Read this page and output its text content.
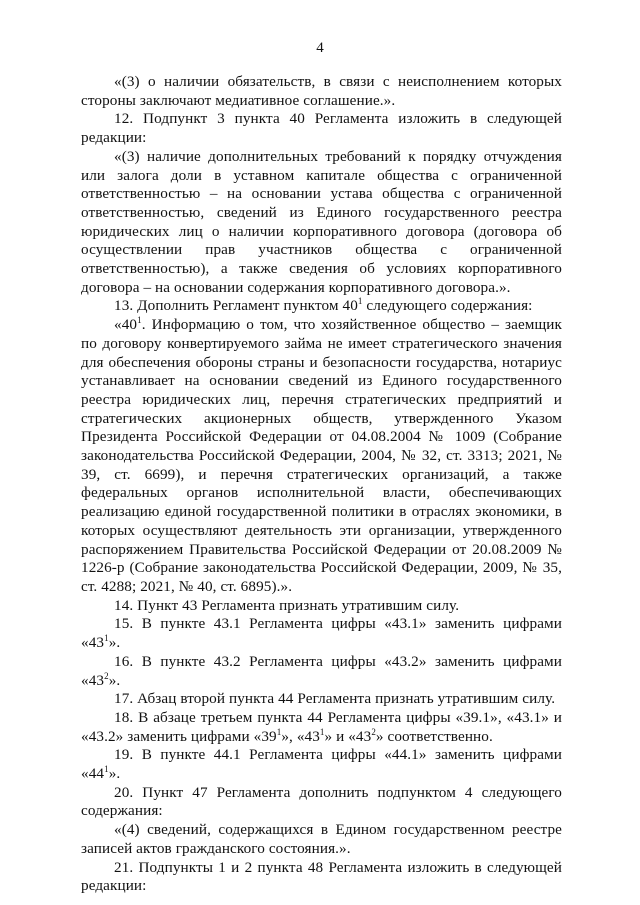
4

«(3) о наличии обязательств, в связи с неисполнением которых стороны заключают медиативное соглашение.».

12. Подпункт 3 пункта 40 Регламента изложить в следующей редакции:

«(3) наличие дополнительных требований к порядку отчуждения или залога доли в уставном капитале общества с ограниченной ответственностью – на основании устава общества с ограниченной ответственностью, сведений из Единого государственного реестра юридических лиц о наличии корпоративного договора (договора об осуществлении прав участников общества с ограниченной ответственностью), а также сведения об условиях корпоративного договора – на основании содержания корпоративного договора.».

13. Дополнить Регламент пунктом $40^1$ следующего содержания:

«$40^1$. Информацию о том, что хозяйственное общество – заемщик по договору конвертируемого займа не имеет стратегического значения для обеспечения обороны страны и безопасности государства, нотариус устанавливает на основании сведений из Единого государственного реестра юридических лиц, перечня стратегических предприятий и стратегических акционерных обществ, утвержденного Указом Президента Российской Федерации от 04.08.2004 № 1009 (Собрание законодательства Российской Федерации, 2004, № 32, ст. 3313; 2021, № 39, ст. 6699), и перечня стратегических организаций, а также федеральных органов исполнительной власти, обеспечивающих реализацию единой государственной политики в отраслях экономики, в которых осуществляют деятельность эти организации, утвержденного распоряжением Правительства Российской Федерации от 20.08.2009 № 1226-р (Собрание законодательства Российской Федерации, 2009, № 35, ст. 4288; 2021, № 40, ст. 6895).».

14. Пункт 43 Регламента признать утратившим силу.

15. В пункте 43.1 Регламента цифры «43.1» заменить цифрами «$43^1$».

16. В пункте 43.2 Регламента цифры «43.2» заменить цифрами «$43^2$».

17. Абзац второй пункта 44 Регламента признать утратившим силу.

18. В абзаце третьем пункта 44 Регламента цифры «39.1», «43.1» и «43.2» заменить цифрами «$39^1$», «$43^1$» и «$43^2$» соответственно.

19. В пункте 44.1 Регламента цифры «44.1» заменить цифрами «$44^1$».

20. Пункт 47 Регламента дополнить подпунктом 4 следующего содержания:

«(4) сведений, содержащихся в Едином государственном реестре записей актов гражданского состояния.».

21. Подпункты 1 и 2 пункта 48 Регламента изложить в следующей редакции:
